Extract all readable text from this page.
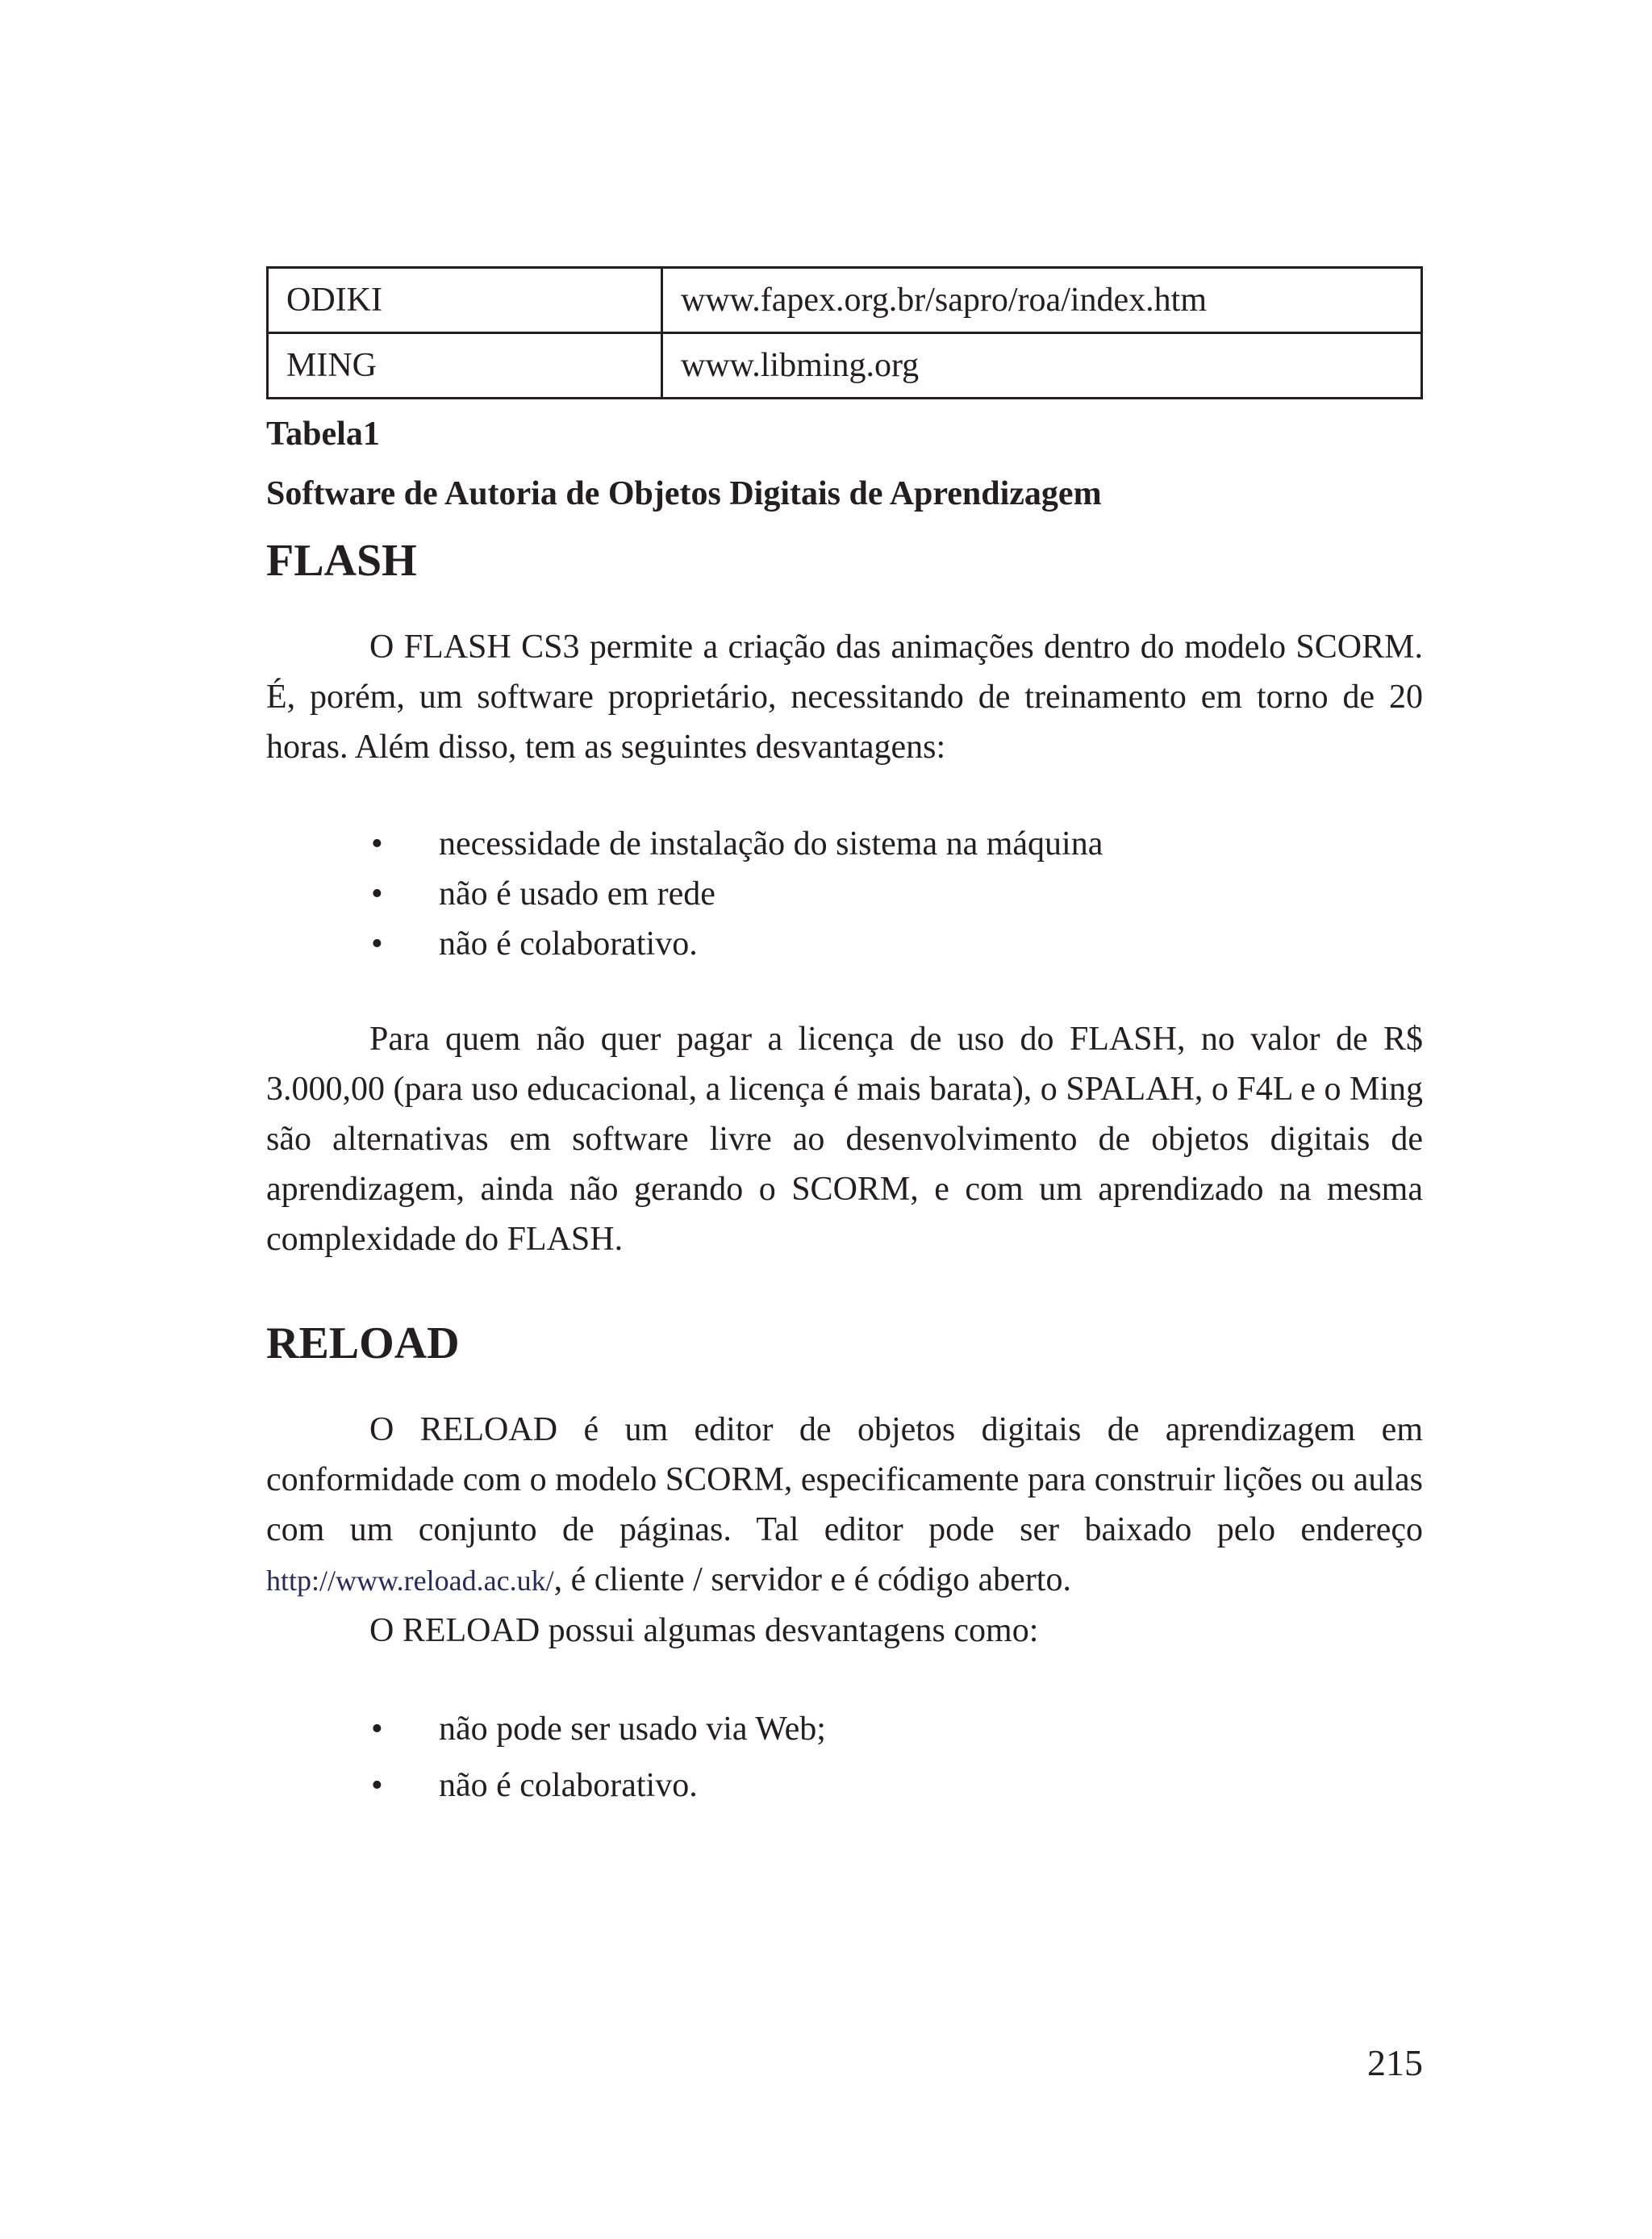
ODIKI	www.fapex.org.br/sapro/roa/index.htm
MING	www.libming.org
Tabela1
Software de Autoria de Objetos Digitais de Aprendizagem
FLASH

O FLASH CS3 permite a criação das animações dentro do modelo SCORM. É, porém, um software proprietário, necessitando de treinamento em torno de 20 horas. Além disso, tem as seguintes desvantagens:

• necessidade de instalação do sistema na máquina
• não é usado em rede
• não é colaborativo.

Para quem não quer pagar a licença de uso do FLASH, no valor de R$ 3.000,00 (para uso educacional, a licença é mais barata), o SPALAH, o F4L e o Ming são alternativas em software livre ao desenvolvimento de objetos digitais de aprendizagem, ainda não gerando o SCORM, e com um aprendizado na mesma complexidade do FLASH.

RELOAD

O RELOAD é um editor de objetos digitais de aprendizagem em conformidade com o modelo SCORM, especificamente para construir lições ou aulas com um conjunto de páginas. Tal editor pode ser baixado pelo endereço http://www.reload.ac.uk/, é cliente / servidor e é código aberto.

O RELOAD possui algumas desvantagens como:

• não pode ser usado via Web;
• não é colaborativo.
215
